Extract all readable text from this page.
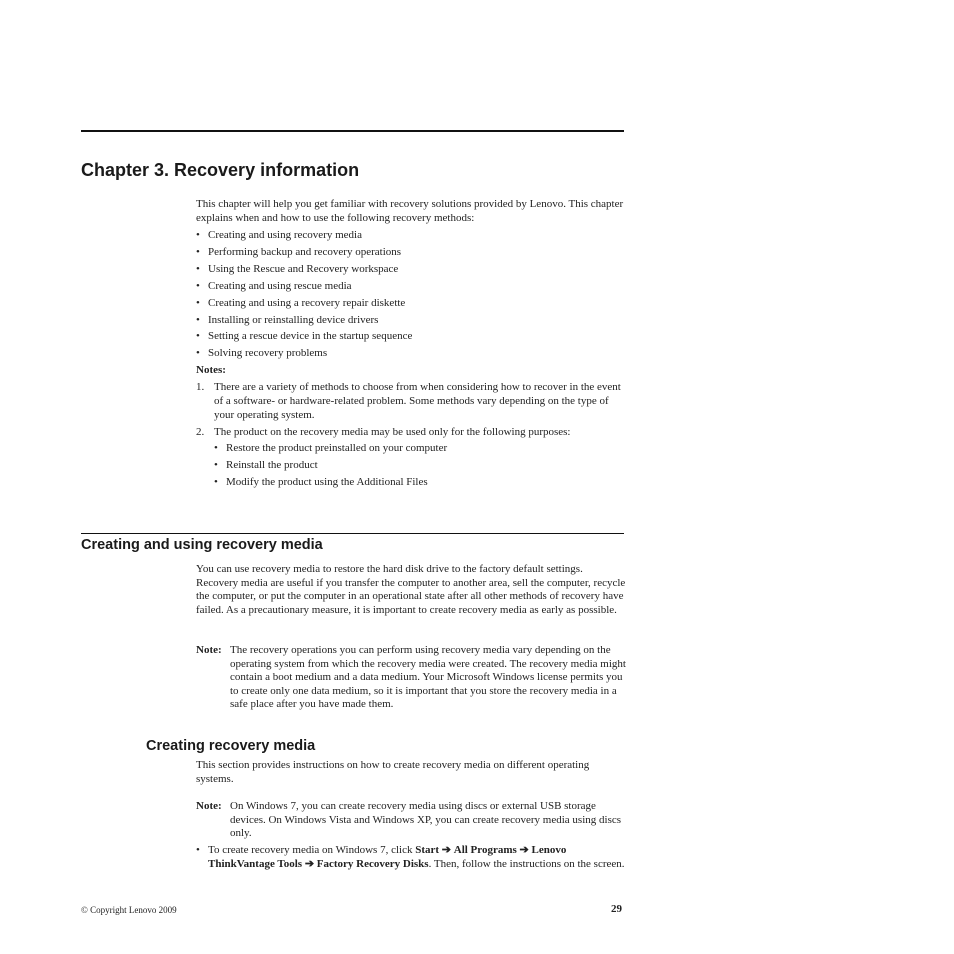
Chapter 3. Recovery information

This chapter will help you get familiar with recovery solutions provided by Lenovo. This chapter explains when and how to use the following recovery methods:

• Creating and using recovery media
• Performing backup and recovery operations
• Using the Rescue and Recovery workspace
• Creating and using rescue media
• Creating and using a recovery repair diskette
• Installing or reinstalling device drivers
• Setting a rescue device in the startup sequence
• Solving recovery problems

Notes:

1. There are a variety of methods to choose from when considering how to recover in the event of a software- or hardware-related problem. Some methods vary depending on the type of your operating system.
2. The product on the recovery media may be used only for the following purposes:
• Restore the product preinstalled on your computer
• Reinstall the product
• Modify the product using the Additional Files
Creating and using recovery media

You can use recovery media to restore the hard disk drive to the factory default settings. Recovery media are useful if you transfer the computer to another area, sell the computer, recycle the computer, or put the computer in an operational state after all other methods of recovery have failed. As a precautionary measure, it is important to create recovery media as early as possible.

Note: The recovery operations you can perform using recovery media vary depending on the operating system from which the recovery media were created. The recovery media might contain a boot medium and a data medium. Your Microsoft Windows license permits you to create only one data medium, so it is important that you store the recovery media in a safe place after you have made them.

Creating recovery media

This section provides instructions on how to create recovery media on different operating systems.

Note: On Windows 7, you can create recovery media using discs or external USB storage devices. On Windows Vista and Windows XP, you can create recovery media using discs only.

• To create recovery media on Windows 7, click Start ➔ All Programs ➔ Lenovo ThinkVantage Tools ➔ Factory Recovery Disks. Then, follow the instructions on the screen.
© Copyright Lenovo 2009	29
